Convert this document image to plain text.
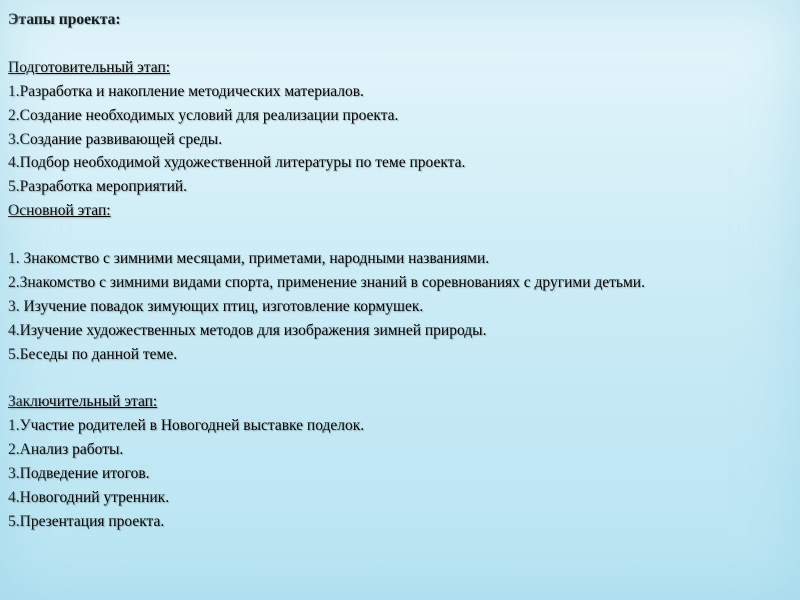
Этапы проекта:
Подготовительный этап:
1.Разработка и накопление методических материалов.
2.Создание необходимых условий для реализации проекта.
3.Создание развивающей среды.
4.Подбор необходимой художественной литературы по теме проекта.
5.Разработка мероприятий.
Основной этап:
1. Знакомство с зимними месяцами, приметами, народными названиями.
2.Знакомство с зимними видами спорта, применение знаний в соревнованиях с другими детьми.
3. Изучение повадок зимующих птиц, изготовление кормушек.
4.Изучение художественных методов для изображения зимней природы.
5.Беседы по данной теме.
Заключительный этап:
1.Участие родителей в Новогодней выставке поделок.
2.Анализ работы.
3.Подведение итогов.
4.Новогодний утренник.
5.Презентация проекта.
